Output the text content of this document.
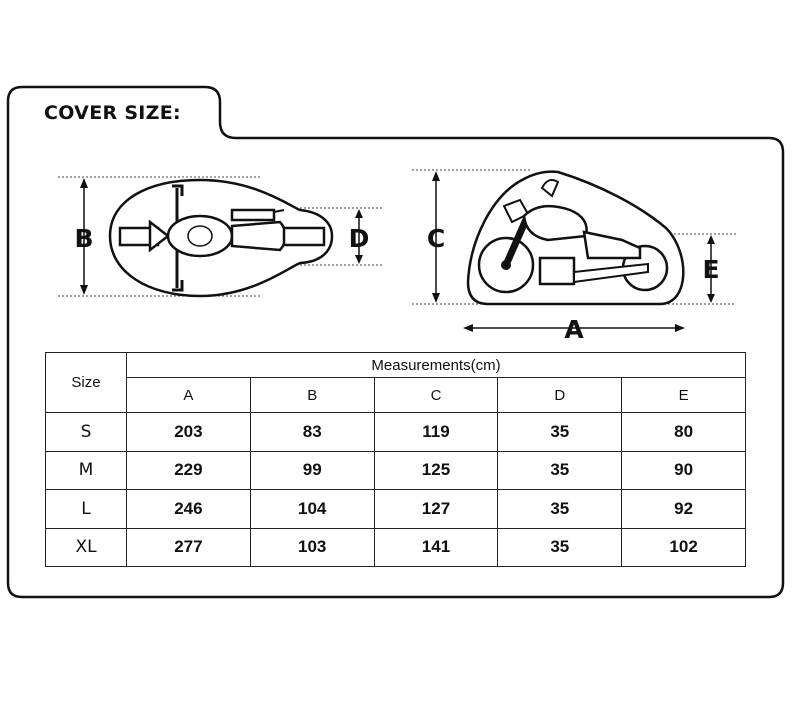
B	D C
E
A
COVER SIZE:
Size	Measurements(cm)				
	A	B	C	D	E
S	203	83	119	35	80
M	229	99	125	35	90
L	246	104	127	35	92
XL	277	103	141	35	102
